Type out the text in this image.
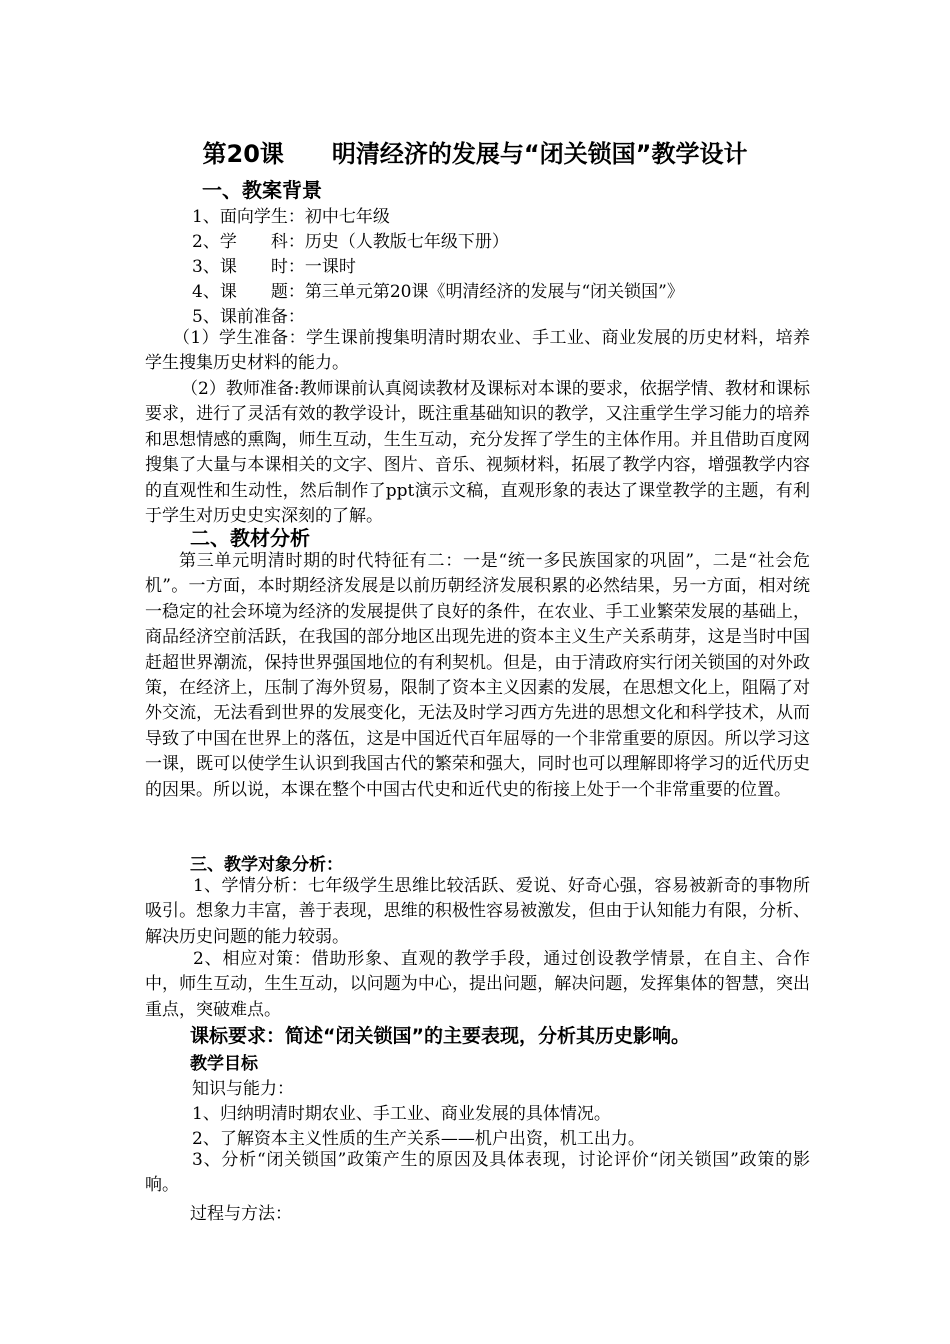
第20课　　明清经济的发展与“闭关锁国”教学设计
一、教案背景

1、面向学生：初中七年级

2、学　　科：历史（人教版七年级下册）

3、课　　时：一课时

4、课　　题：第三单元第20课《明清经济的发展与“闭关锁国”》

5、课前准备：

（1）学生准备：学生课前搜集明清时期农业、手工业、商业发展的历史材料，培养学生搜集历史材料的能力。

（2）教师准备:教师课前认真阅读教材及课标对本课的要求，依据学情、教材和课标要求，进行了灵活有效的教学设计，既注重基础知识的教学，又注重学生学习能力的培养和思想情感的熏陶，师生互动，生生互动，充分发挥了学生的主体作用。并且借助百度网搜集了大量与本课相关的文字、图片、音乐、视频材料，拓展了教学内容，增强教学内容的直观性和生动性，然后制作了ppt演示文稿，直观形象的表达了课堂教学的主题，有利于学生对历史史实深刻的了解。

二、教材分析

第三单元明清时期的时代特征有二：一是“统一多民族国家的巩固”，二是“社会危机”。一方面，本时期经济发展是以前历朝经济发展积累的必然结果，另一方面，相对统一稳定的社会环境为经济的发展提供了良好的条件，在农业、手工业繁荣发展的基础上，商品经济空前活跃，在我国的部分地区出现先进的资本主义生产关系萌芽，这是当时中国赶超世界潮流，保持世界强国地位的有利契机。但是，由于清政府实行闭关锁国的对外政策，在经济上，压制了海外贸易，限制了资本主义因素的发展，在思想文化上，阻隔了对外交流，无法看到世界的发展变化，无法及时学习西方先进的思想文化和科学技术，从而导致了中国在世界上的落伍，这是中国近代百年屈辱的一个非常重要的原因。所以学习这一课，既可以使学生认识到我国古代的繁荣和强大，同时也可以理解即将学习的近代历史的因果。所以说，本课在整个中国古代史和近代史的衔接上处于一个非常重要的位置。

三、教学对象分析：

1、学情分析：七年级学生思维比较活跃、爱说、好奇心强，容易被新奇的事物所吸引。想象力丰富，善于表现，思维的积极性容易被激发，但由于认知能力有限，分析、解决历史问题的能力较弱。

2、相应对策：借助形象、直观的教学手段，通过创设教学情景，在自主、合作中，师生互动，生生互动，以问题为中心，提出问题，解决问题，发挥集体的智慧，突出重点，突破难点。

课标要求：简述“闭关锁国”的主要表现，分析其历史影响。
教学目标

知识与能力：

1、归纳明清时期农业、手工业、商业发展的具体情况。

2、了解资本主义性质的生产关系——机户出资，机工出力。

3、分析“闭关锁国”政策产生的原因及具体表现，讨论评价“闭关锁国”政策的影响。

过程与方法：
